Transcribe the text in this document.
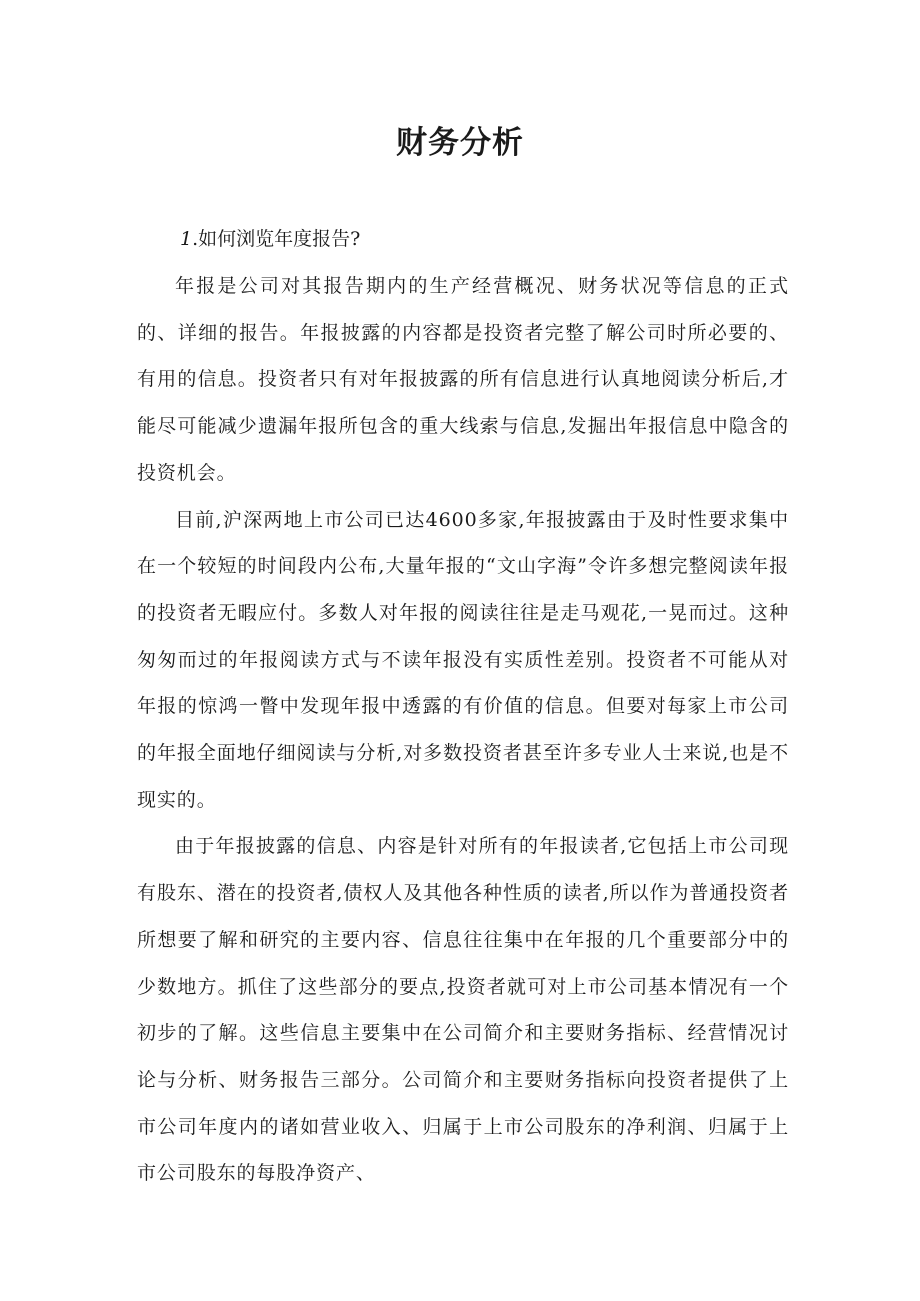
财务分析
1.如何浏览年度报告?

年报是公司对其报告期内的生产经营概况、财务状况等信息的正式的、详细的报告。年报披露的内容都是投资者完整了解公司时所必要的、有用的信息。投资者只有对年报披露的所有信息进行认真地阅读分析后,才能尽可能减少遗漏年报所包含的重大线索与信息,发掘出年报信息中隐含的投资机会。

目前,沪深两地上市公司已达4600多家,年报披露由于及时性要求集中在一个较短的时间段内公布,大量年报的“文山字海”令许多想完整阅读年报的投资者无暇应付。多数人对年报的阅读往往是走马观花,一晃而过。这种匆匆而过的年报阅读方式与不读年报没有实质性差别。投资者不可能从对年报的惊鸿一瞥中发现年报中透露的有价值的信息。但要对每家上市公司的年报全面地仔细阅读与分析,对多数投资者甚至许多专业人士来说,也是不现实的。

由于年报披露的信息、内容是针对所有的年报读者,它包括上市公司现有股东、潜在的投资者,债权人及其他各种性质的读者,所以作为普通投资者所想要了解和研究的主要内容、信息往往集中在年报的几个重要部分中的少数地方。抓住了这些部分的要点,投资者就可对上市公司基本情况有一个初步的了解。这些信息主要集中在公司简介和主要财务指标、经营情况讨论与分析、财务报告三部分。公司简介和主要财务指标向投资者提供了上市公司年度内的诸如营业收入、归属于上市公司股东的净利润、归属于上市公司股东的每股净资产、
